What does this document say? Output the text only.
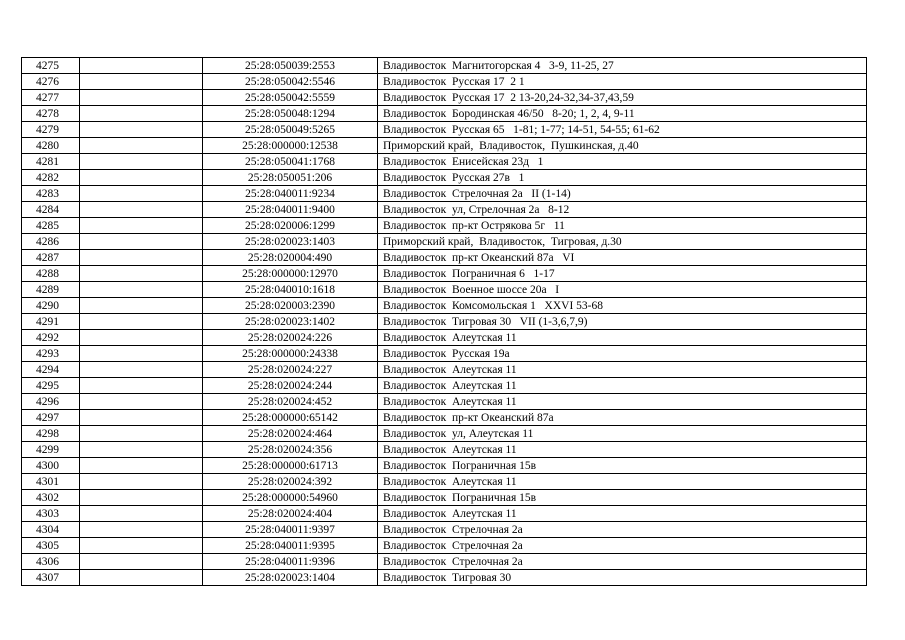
4275		25:28:050039:2553	Владивосток  Магнитогорская 4   3-9, 11-25, 27
4276		25:28:050042:5546	Владивосток  Русская 17  2 1
4277		25:28:050042:5559	Владивосток  Русская 17  2 13-20,24-32,34-37,43,59
4278		25:28:050048:1294	Владивосток  Бородинская 46/50   8-20; 1, 2, 4, 9-11
4279		25:28:050049:5265	Владивосток  Русская 65   1-81; 1-77; 14-51, 54-55; 61-62
4280		25:28:000000:12538	Приморский край,  Владивосток,  Пушкинская, д.40
4281		25:28:050041:1768	Владивосток  Енисейская 23д   1
4282		25:28:050051:206	Владивосток  Русская 27в   1
4283		25:28:040011:9234	Владивосток  Стрелочная 2а   II (1-14)
4284		25:28:040011:9400	Владивосток  ул, Стрелочная 2а   8-12
4285		25:28:020006:1299	Владивосток  пр-кт Острякова 5г   11
4286		25:28:020023:1403	Приморский край,  Владивосток,  Тигровая, д.30
4287		25:28:020004:490	Владивосток  пр-кт Океанский 87а   VI
4288		25:28:000000:12970	Владивосток  Пограничная 6   1-17
4289		25:28:040010:1618	Владивосток  Военное шоссе 20а   I
4290		25:28:020003:2390	Владивосток  Комсомольская 1   XXVI 53-68
4291		25:28:020023:1402	Владивосток  Тигровая 30   VII (1-3,6,7,9)
4292		25:28:020024:226	Владивосток  Алеутская 11
4293		25:28:000000:24338	Владивосток  Русская 19а
4294		25:28:020024:227	Владивосток  Алеутская 11
4295		25:28:020024:244	Владивосток  Алеутская 11
4296		25:28:020024:452	Владивосток  Алеутская 11
4297		25:28:000000:65142	Владивосток  пр-кт Океанский 87а
4298		25:28:020024:464	Владивосток  ул, Алеутская 11
4299		25:28:020024:356	Владивосток  Алеутская 11
4300		25:28:000000:61713	Владивосток  Пограничная 15в
4301		25:28:020024:392	Владивосток  Алеутская 11
4302		25:28:000000:54960	Владивосток  Пограничная 15в
4303		25:28:020024:404	Владивосток  Алеутская 11
4304		25:28:040011:9397	Владивосток  Стрелочная 2а
4305		25:28:040011:9395	Владивосток  Стрелочная 2а
4306		25:28:040011:9396	Владивосток  Стрелочная 2а
4307		25:28:020023:1404	Владивосток  Тигровая 30
